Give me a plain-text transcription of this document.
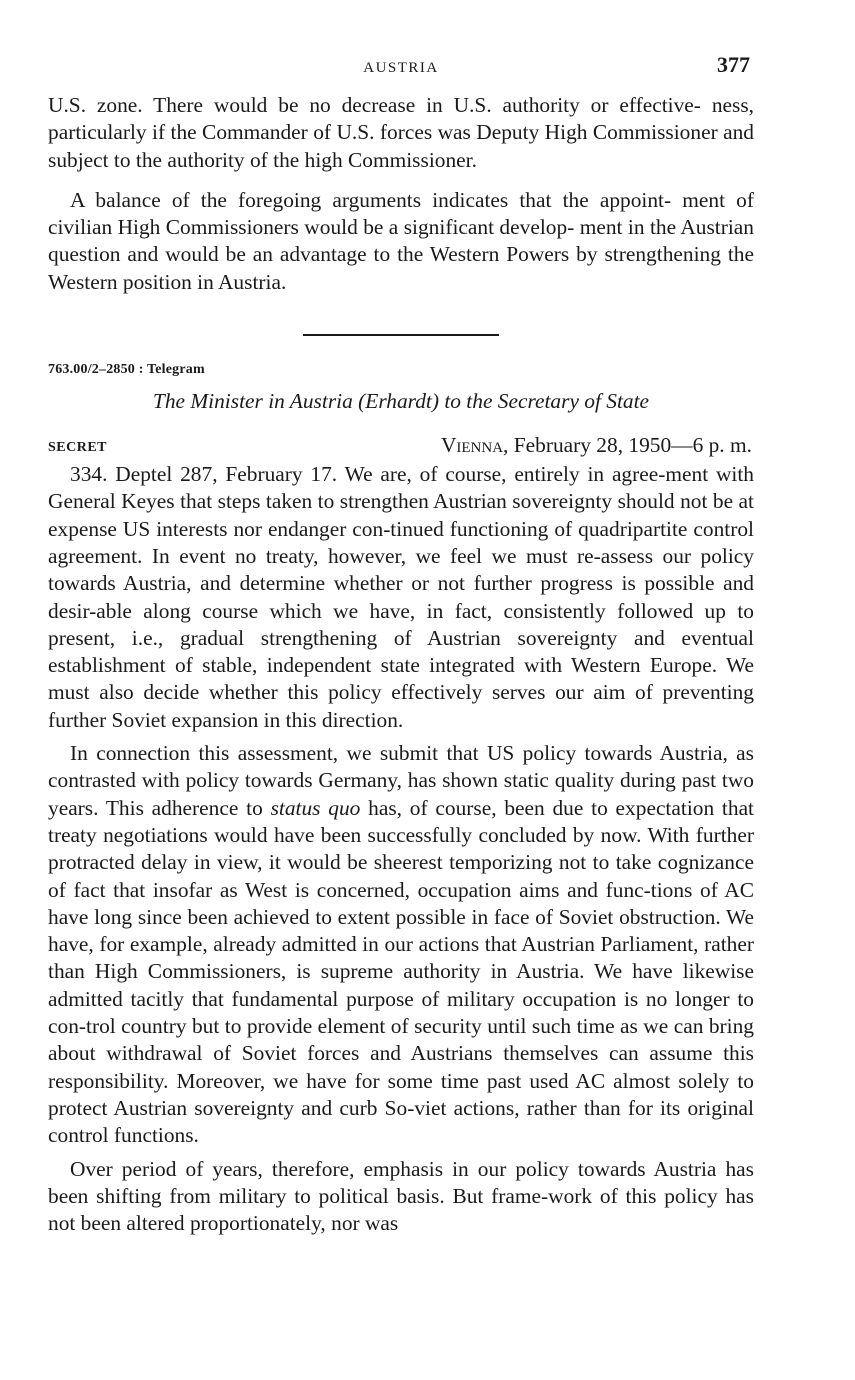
AUSTRIA	377

U.S. zone. There would be no decrease in U.S. authority or effective- ness, particularly if the Commander of U.S. forces was Deputy High Commissioner and subject to the authority of the high Commissioner.

A balance of the foregoing arguments indicates that the appoint- ment of civilian High Commissioners would be a significant develop- ment in the Austrian question and would be an advantage to the Western Powers by strengthening the Western position in Austria.

763.00/2–2850 : Telegram
The Minister in Austria (Erhardt) to the Secretary of State
SECRET	Vienna, February 28, 1950—6 p. m.

334. Deptel 287, February 17. We are, of course, entirely in agree-ment with General Keyes that steps taken to strengthen Austrian sovereignty should not be at expense US interests nor endanger con-tinued functioning of quadripartite control agreement. In event no treaty, however, we feel we must re-assess our policy towards Austria, and determine whether or not further progress is possible and desir-able along course which we have, in fact, consistently followed up to present, i.e., gradual strengthening of Austrian sovereignty and eventual establishment of stable, independent state integrated with Western Europe. We must also decide whether this policy effectively serves our aim of preventing further Soviet expansion in this direction.

In connection this assessment, we submit that US policy towards Austria, as contrasted with policy towards Germany, has shown static quality during past two years. This adherence to status quo has, of course, been due to expectation that treaty negotiations would have been successfully concluded by now. With further protracted delay in view, it would be sheerest temporizing not to take cognizance of fact that insofar as West is concerned, occupation aims and func-tions of AC have long since been achieved to extent possible in face of Soviet obstruction. We have, for example, already admitted in our actions that Austrian Parliament, rather than High Commissioners, is supreme authority in Austria. We have likewise admitted tacitly that fundamental purpose of military occupation is no longer to con-trol country but to provide element of security until such time as we can bring about withdrawal of Soviet forces and Austrians themselves can assume this responsibility. Moreover, we have for some time past used AC almost solely to protect Austrian sovereignty and curb So-viet actions, rather than for its original control functions.

Over period of years, therefore, emphasis in our policy towards Austria has been shifting from military to political basis. But frame-work of this policy has not been altered proportionately, nor was
